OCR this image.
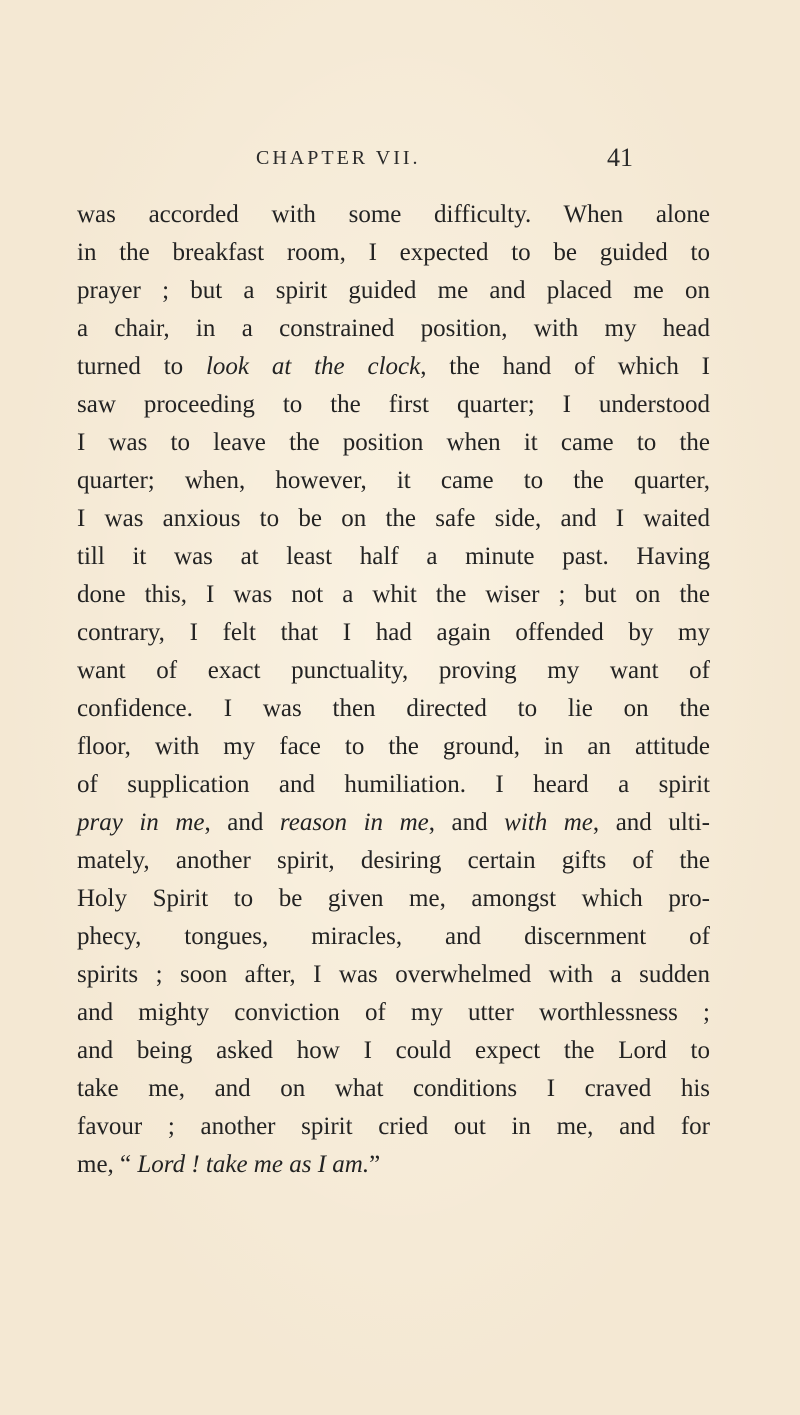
CHAPTER VII.	41
was accorded with some difficulty. When alone
in the breakfast room, I expected to be guided to
prayer ; but a spirit guided me and placed me on
a chair, in a constrained position, with my head
turned to look at the clock, the hand of which I
saw proceeding to the first quarter; I understood
I was to leave the position when it came to the
quarter; when, however, it came to the quarter,
I was anxious to be on the safe side, and I waited
till it was at least half a minute past. Having
done this, I was not a whit the wiser ; but on the
contrary, I felt that I had again offended by my
want of exact punctuality, proving my want of
confidence. I was then directed to lie on the
floor, with my face to the ground, in an attitude
of supplication and humiliation. I heard a spirit
pray in me, and reason in me, and with me, and ulti-
mately, another spirit, desiring certain gifts of the
Holy Spirit to be given me, amongst which pro-
phecy, tongues, miracles, and discernment of
spirits ; soon after, I was overwhelmed with a sudden
and mighty conviction of my utter worthlessness ;
and being asked how I could expect the Lord to
take me, and on what conditions I craved his
favour ; another spirit cried out in me, and for
me, “ Lord ! take me as I am.”
